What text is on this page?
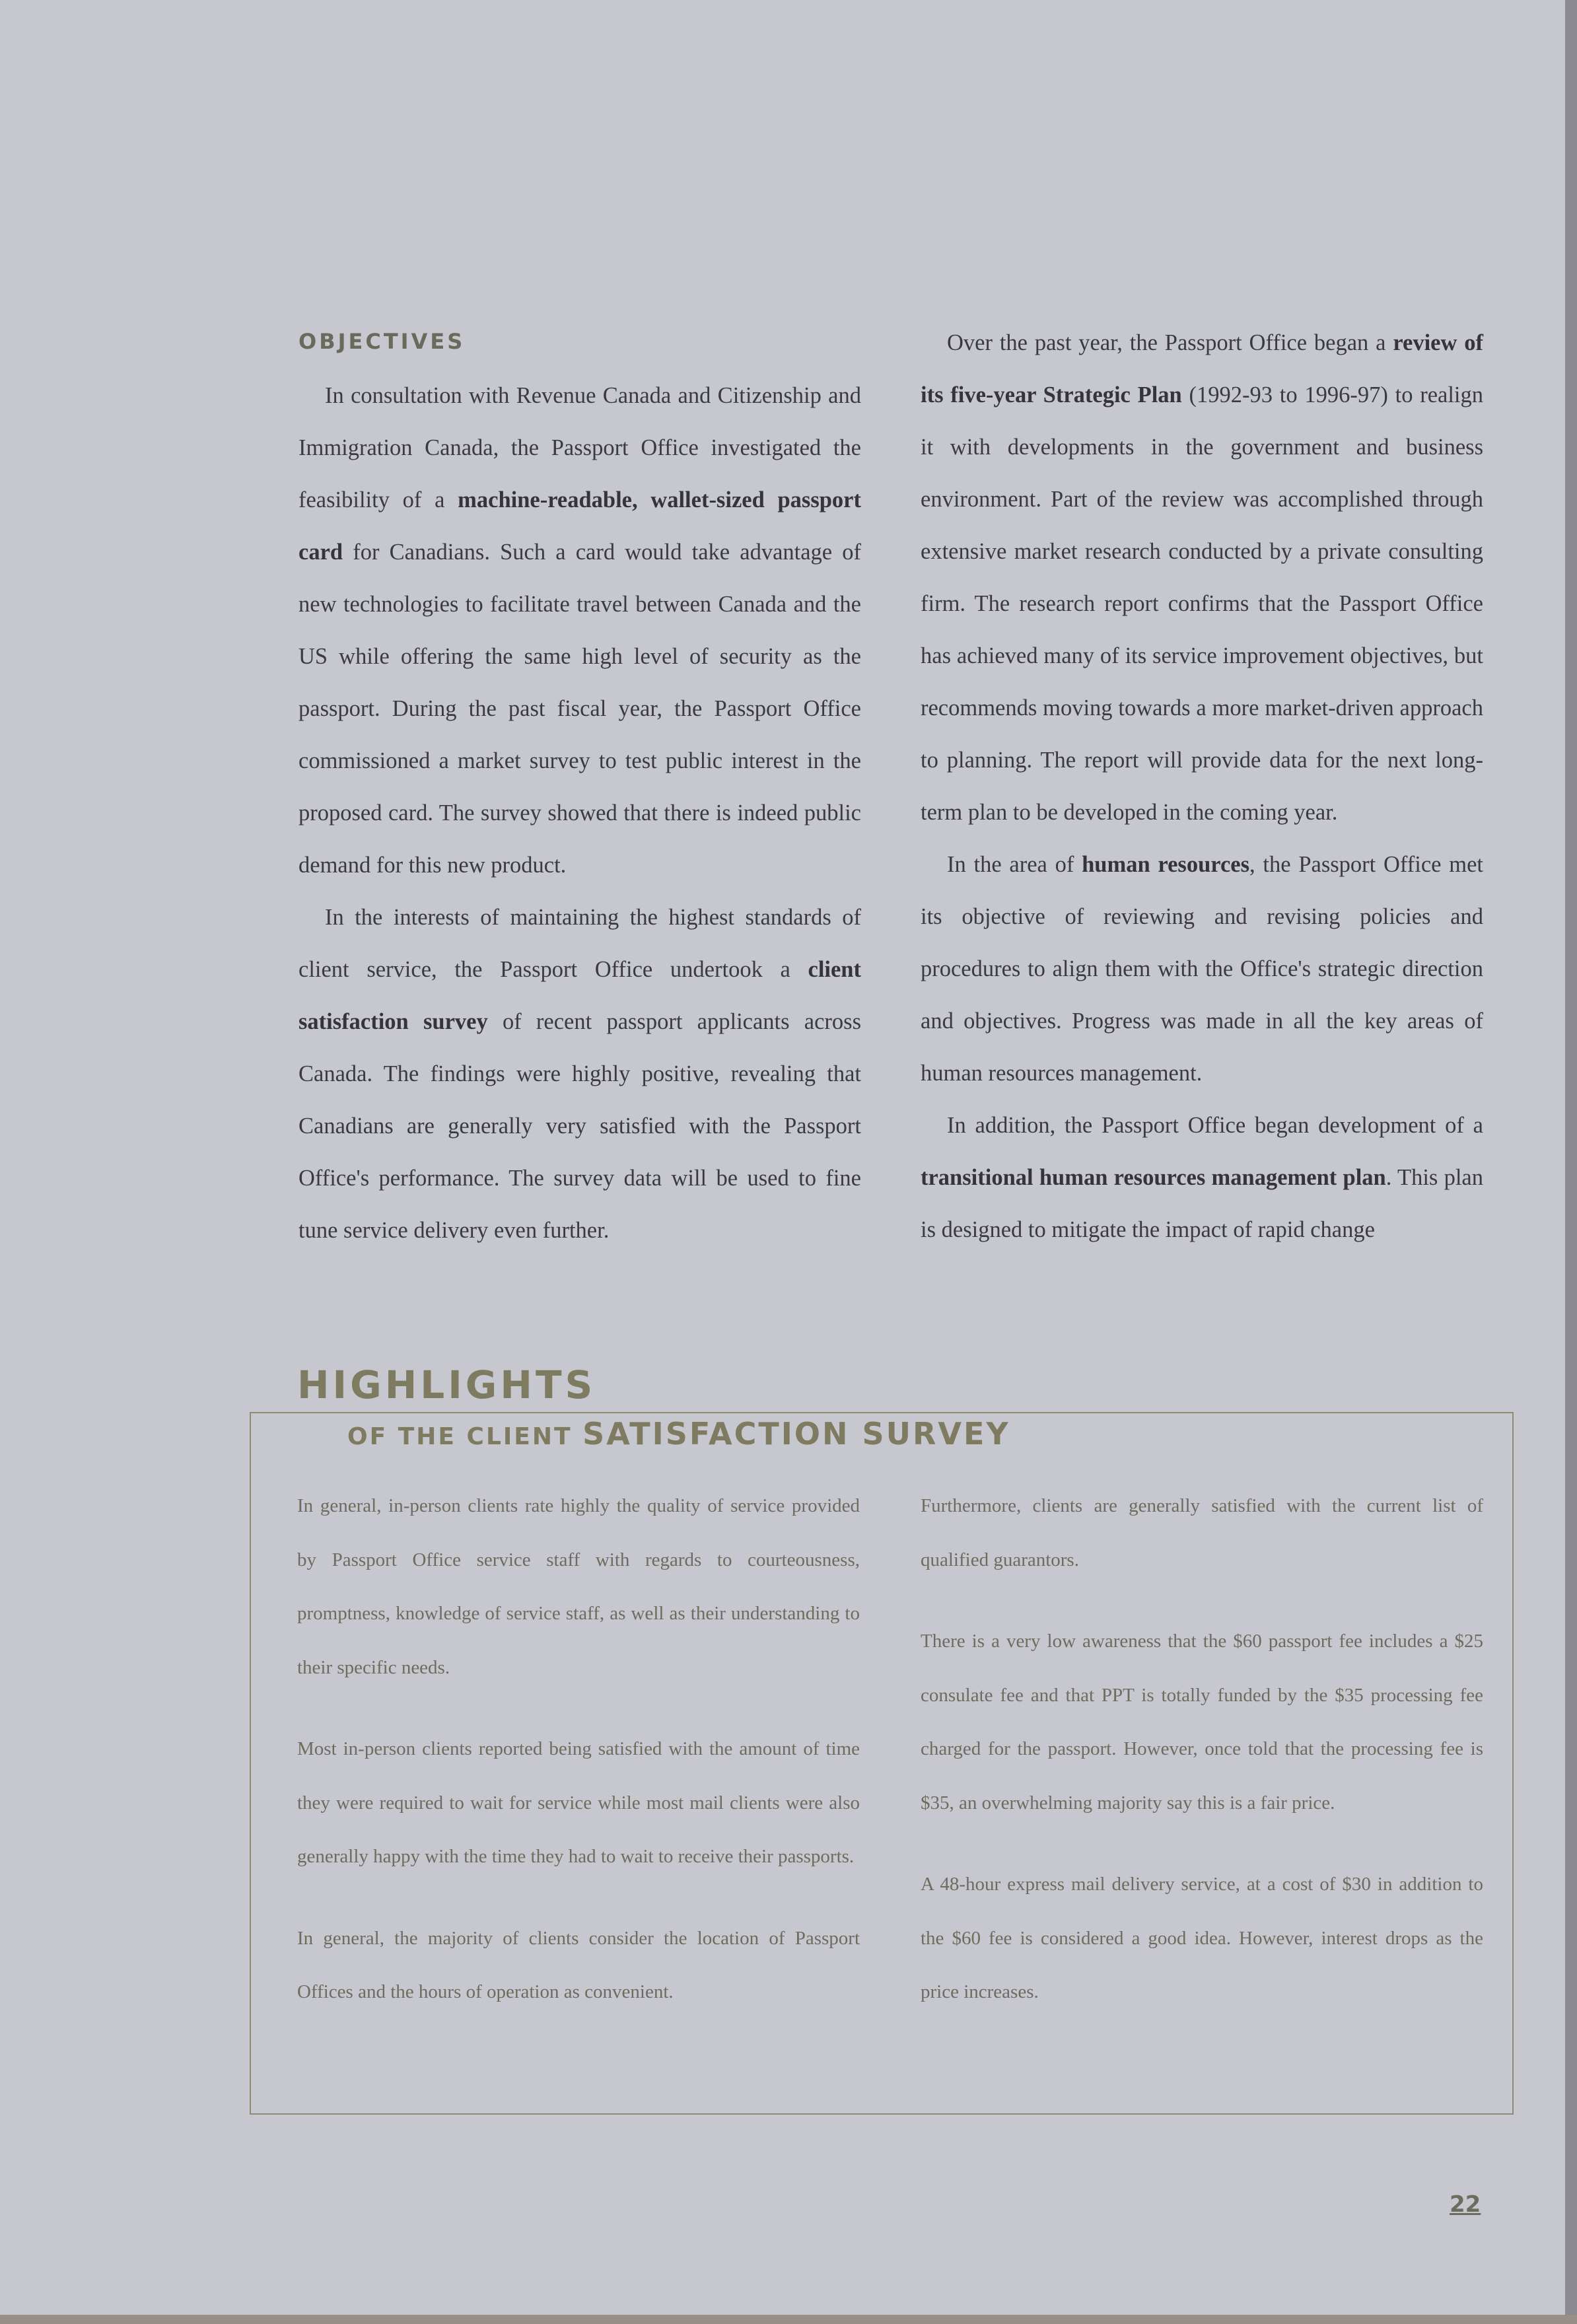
OBJECTIVES

In consultation with Revenue Canada and Citizenship and Immigration Canada, the Passport Office investigated the feasibility of a machine-readable, wallet-sized passport card for Canadians. Such a card would take advantage of new technologies to facilitate travel between Canada and the US while offering the same high level of security as the passport. During the past fiscal year, the Passport Office commissioned a market survey to test public interest in the proposed card. The survey showed that there is indeed public demand for this new product.

In the interests of maintaining the highest standards of client service, the Passport Office undertook a client satisfaction survey of recent passport applicants across Canada. The findings were highly positive, revealing that Canadians are generally very satisfied with the Passport Office's performance. The survey data will be used to fine tune service delivery even further.

Over the past year, the Passport Office began a review of its five-year Strategic Plan (1992-93 to 1996-97) to realign it with developments in the government and business environment. Part of the review was accomplished through extensive market research conducted by a private consulting firm. The research report confirms that the Passport Office has achieved many of its service improvement objectives, but recommends moving towards a more market-driven approach to planning. The report will provide data for the next long-term plan to be developed in the coming year.

In the area of human resources, the Passport Office met its objective of reviewing and revising policies and procedures to align them with the Office's strategic direction and objectives. Progress was made in all the key areas of human resources management.

In addition, the Passport Office began development of a transitional human resources management plan. This plan is designed to mitigate the impact of rapid change

HIGHLIGHTS
OF THE CLIENT SATISFACTION SURVEY

In general, in-person clients rate highly the quality of service provided by Passport Office service staff with regards to courteousness, promptness, knowledge of service staff, as well as their understanding to their specific needs.

Most in-person clients reported being satisfied with the amount of time they were required to wait for service while most mail clients were also generally happy with the time they had to wait to receive their passports.

In general, the majority of clients consider the location of Passport Offices and the hours of operation as convenient.

Furthermore, clients are generally satisfied with the current list of qualified guarantors.

There is a very low awareness that the $60 passport fee includes a $25 consulate fee and that PPT is totally funded by the $35 processing fee charged for the passport. However, once told that the processing fee is $35, an overwhelming majority say this is a fair price.

A 48-hour express mail delivery service, at a cost of $30 in addition to the $60 fee is considered a good idea. However, interest drops as the price increases.

22
